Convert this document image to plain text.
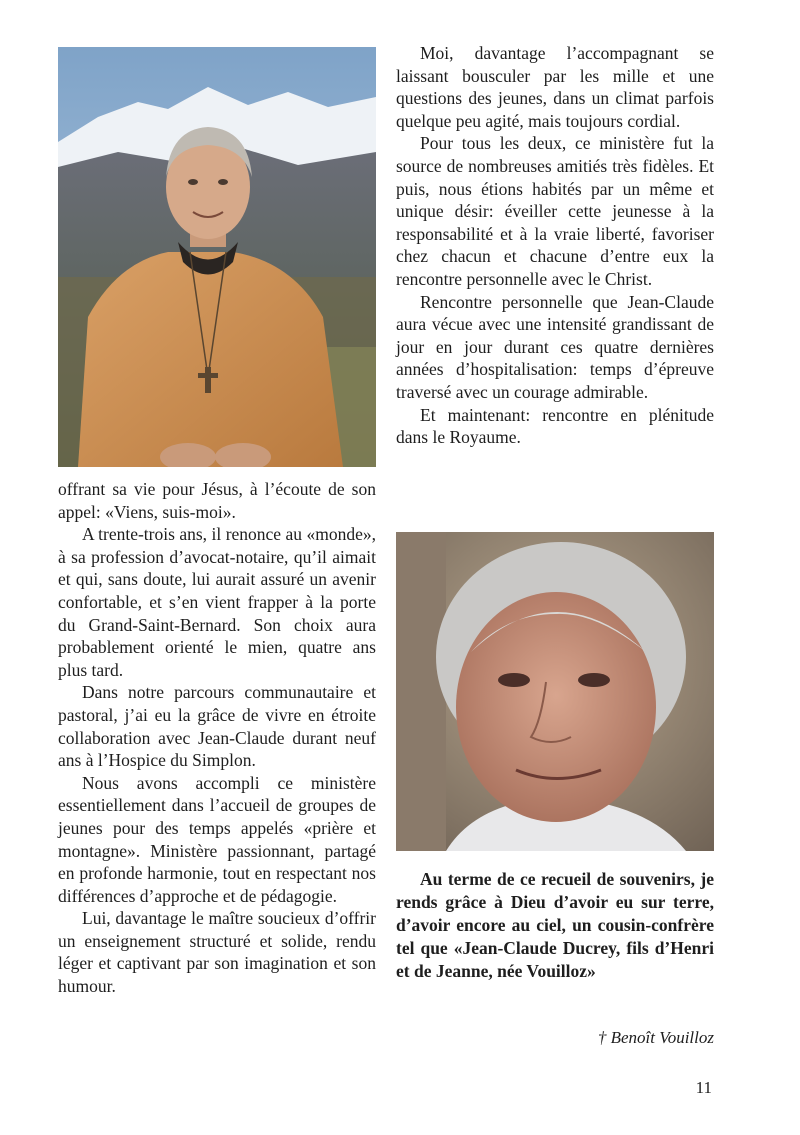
offrant sa vie pour Jésus, à l’écoute de son appel: «Viens, suis-moi».

A trente-trois ans, il renonce au «monde», à sa profession d’avocat-notaire, qu’il aimait et qui, sans doute, lui aurait assuré un avenir confortable, et s’en vient frapper à la porte du Grand-Saint-Bernard. Son choix aura probablement orienté le mien, quatre ans plus tard.

Dans notre parcours communautaire et pastoral, j’ai eu la grâce de vivre en étroite collaboration avec Jean-Claude durant neuf ans à l’Hospice du Simplon.

Nous avons accompli ce ministère essentiellement dans l’accueil de groupes de jeunes pour des temps appelés «prière et montagne». Ministère passionnant, partagé en profonde harmonie, tout en respectant nos différences d’approche et de pédagogie.

Lui, davantage le maître soucieux d’offrir un enseignement structuré et solide, rendu léger et captivant par son imagination et son humour.

Moi, davantage l’accompagnant se laissant bousculer par les mille et une questions des jeunes, dans un climat parfois quelque peu agité, mais toujours cordial.

Pour tous les deux, ce ministère fut la source de nombreuses amitiés très fidèles. Et puis, nous étions habités par un même et unique désir: éveiller cette jeunesse à la responsabilité et à la vraie liberté, favoriser chez chacun et chacune d’entre eux la rencontre personnelle avec le Christ.

Rencontre personnelle que Jean-Claude aura vécue avec une intensité grandissant de jour en jour durant ces quatre dernières années d’hospitalisation: temps d’épreuve traversé avec un courage admirable.

Et maintenant: rencontre en plénitude dans le Royaume.

Au terme de ce recueil de souvenirs, je rends grâce à Dieu d’avoir eu sur terre, d’avoir encore au ciel, un cousin-confrère tel que «Jean-Claude Ducrey, fils d’Henri et de Jeanne, née Vouilloz»

† Benoît Vouilloz
11
